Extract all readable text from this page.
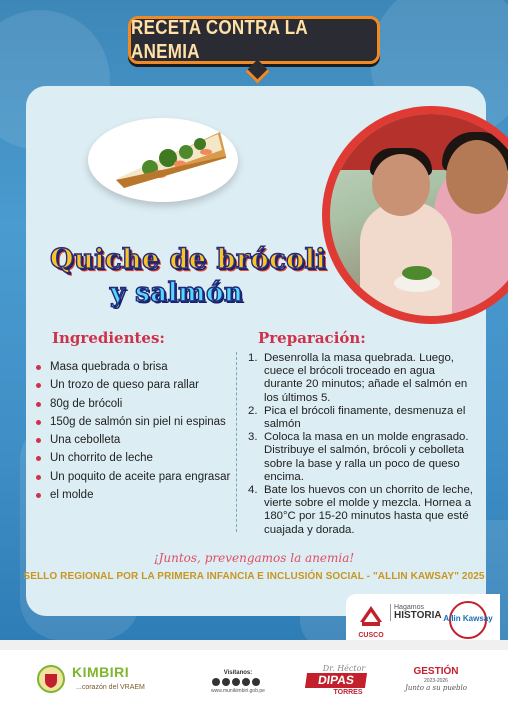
RECETA CONTRA LA ANEMIA
Quiche de brócoli
y salmón
Ingredientes:	Preparación:
Masa quebrada o brisa
Un trozo de queso para rallar
80g de brócoli
150g de salmón sin piel ni espinas
Una cebolleta
Un chorrito de leche
Un poquito de aceite para engrasar
el molde
1. Desenrolla la masa quebrada. Luego, cuece el brócoli troceado en agua durante 20 minutos; añade el salmón en los últimos 5.
2. Pica el brócoli finamente, desmenuza el salmón
3. Coloca la masa en un molde engrasado. Distribuye el salmón, brócoli y cebolleta sobre la base y ralla un poco de queso encima.
4. Bate los huevos con un chorrito de leche, vierte sobre el molde y mezcla. Hornea a 180°C por 15-20 minutos hasta que esté cuajada y dorada.
¡Juntos, prevengamos la anemia!
SELLO REGIONAL POR LA PRIMERA INFANCIA E INCLUSIÓN SOCIAL - "ALLIN KAWSAY" 2025
CUSCO
Hagamos
HISTORIA Allin Kawsay
KIMBIRI
...corazón del VRAEM
Visítanos:
www.munikimbiri.gob.pe
Dr. Héctor
DIPAS
TORRES
GESTIÓN
2023-2026
Junto a su pueblo
